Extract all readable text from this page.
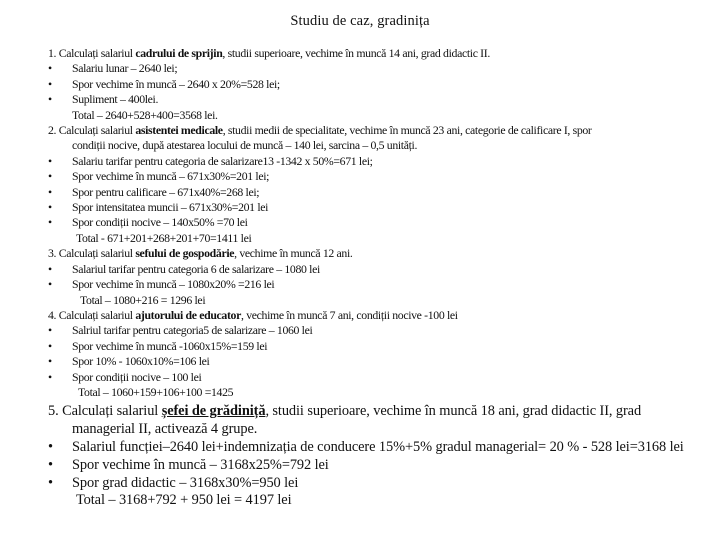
Studiu de caz, gradinița
1. Calculați salariul cadrului de sprijin, studii superioare, vechime în muncă 14 ani, grad didactic II.
• Salariu lunar – 2640 lei;
• Spor vechime în muncă – 2640 x 20%=528 lei;
• Supliment – 400lei.
Total – 2640+528+400=3568 lei.
2. Calculați salariul asistentei medicale, studii medii de specialitate, vechime în muncă 23 ani, categorie de calificare I, spor
condiții nocive, după atestarea locului de muncă – 140 lei, sarcina – 0,5 unități.
• Salariu tarifar pentru categoria de salarizare13 -1342 x 50%=671 lei;
• Spor vechime în muncă – 671x30%=201 lei;
• Spor pentru calificare – 671x40%=268 lei;
• Spor intensitatea muncii – 671x30%=201 lei
• Spor condiții nocive – 140x50% =70 lei
Total - 671+201+268+201+70=1411 lei
3. Calculați salariul sefului de gospodărie, vechime în muncă 12 ani.
• Salariul tarifar pentru categoria 6 de salarizare – 1080 lei
• Spor vechime în muncă – 1080x20% =216 lei
Total – 1080+216 = 1296 lei
4. Calculați salariul ajutorului de educator, vechime în muncă 7 ani, condiții nocive -100 lei
• Salriul tarifar pentru categoria5 de salarizare – 1060 lei
• Spor vechime în muncă -1060x15%=159 lei
• Spor 10% - 1060x10%=106 lei
• Spor condiții nocive – 100 lei
Total – 1060+159+106+100 =1425
5. Calculați salariul șefei de grădiniță, studii superioare, vechime în muncă 18 ani, grad didactic II, grad
managerial II, activează 4 grupe.
• Salariul funcției–2640 lei+indemnizația de conducere 15%+5% gradul managerial= 20 % - 528 lei=3168 lei
• Spor vechime în muncă – 3168x25%=792 lei
• Spor grad didactic – 3168x30%=950 lei
Total – 3168+792 + 950 lei = 4197 lei
